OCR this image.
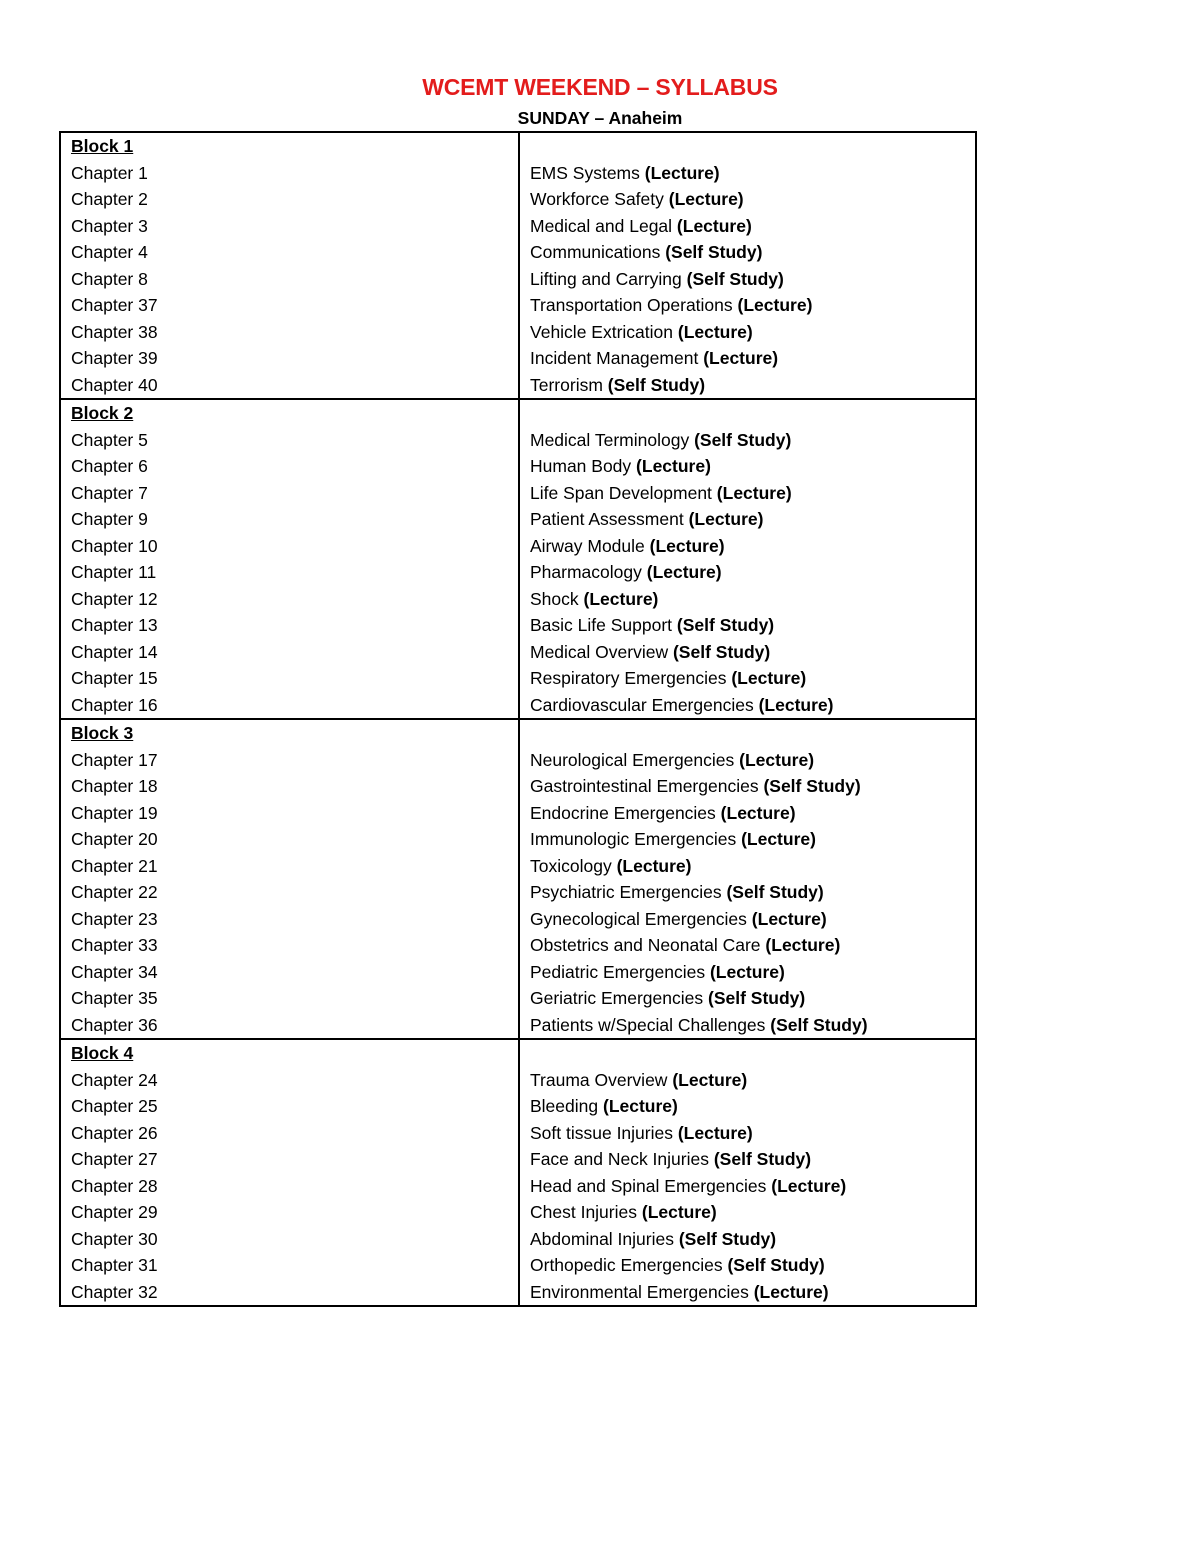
WCEMT WEEKEND – SYLLABUS
SUNDAY – Anaheim
Block 1
Chapter 1
Chapter 2
Chapter 3
Chapter 4
Chapter 8
Chapter 37
Chapter 38
Chapter 39
Chapter 40
EMS Systems (Lecture)
Workforce Safety (Lecture)
Medical and Legal (Lecture)
Communications (Self Study)
Lifting and Carrying (Self Study)
Transportation Operations (Lecture)
Vehicle Extrication (Lecture)
Incident Management (Lecture)
Terrorism (Self Study)
Block 2
Chapter 5
Chapter 6
Chapter 7
Chapter 9
Chapter 10
Chapter 11
Chapter 12
Chapter 13
Chapter 14
Chapter 15
Chapter 16
Medical Terminology (Self Study)
Human Body (Lecture)
Life Span Development (Lecture)
Patient Assessment (Lecture)
Airway Module (Lecture)
Pharmacology (Lecture)
Shock (Lecture)
Basic Life Support (Self Study)
Medical Overview (Self Study)
Respiratory Emergencies (Lecture)
Cardiovascular Emergencies (Lecture)
Block 3
Chapter 17
Chapter 18
Chapter 19
Chapter 20
Chapter 21
Chapter 22
Chapter 23
Chapter 33
Chapter 34
Chapter 35
Chapter 36
Neurological Emergencies (Lecture)
Gastrointestinal Emergencies (Self Study)
Endocrine Emergencies (Lecture)
Immunologic Emergencies (Lecture)
Toxicology (Lecture)
Psychiatric Emergencies (Self Study)
Gynecological Emergencies (Lecture)
Obstetrics and Neonatal Care (Lecture)
Pediatric Emergencies (Lecture)
Geriatric Emergencies (Self Study)
Patients w/Special Challenges (Self Study)
Block 4
Chapter 24
Chapter 25
Chapter 26
Chapter 27
Chapter 28
Chapter 29
Chapter 30
Chapter 31
Chapter 32
Trauma Overview (Lecture)
Bleeding (Lecture)
Soft tissue Injuries (Lecture)
Face and Neck Injuries (Self Study)
Head and Spinal Emergencies (Lecture)
Chest Injuries (Lecture)
Abdominal Injuries (Self Study)
Orthopedic Emergencies (Self Study)
Environmental Emergencies (Lecture)
